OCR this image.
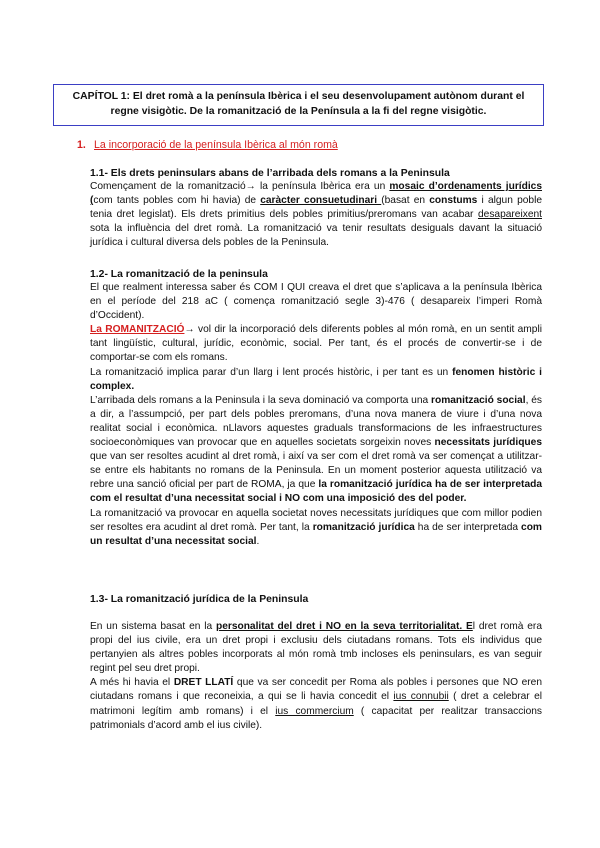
CAPÍTOL 1: El dret romà a la península Ibèrica i el seu desenvolupament autònom durant el
regne visigòtic. De la romanització de la Península a la fi del regne visigòtic.
1. La incorporació de la península Ibèrica al món romà
1.1- Els drets peninsulars abans de l’arribada dels romans a la Peninsula

Començament de la romanització→ la península Ibèrica era un mosaic d’ordenaments jurídics (com tants pobles com hi havia) de caràcter consuetudinari (basat en constums i algun poble tenia dret legislat). Els drets primitius dels pobles primitius/preromans van acabar desapareixent sota la influència del dret romà. La romanització va tenir resultats desiguals davant la situació jurídica i cultural diversa dels pobles de la Peninsula.

1.2- La romanització de la peninsula

El que realment interessa saber és COM I QUI creava el dret que s’aplicava a la península Ibèrica en el període del 218 aC ( comença romanització segle 3)-476 ( desapareix l’imperi Romà d’Occident).

La ROMANITZACIÓ→ vol dir la incorporació dels diferents pobles al món romà, en un sentit ampli tant lingüístic, cultural, jurídic, econòmic, social. Per tant, és el procés de convertir-se i de comportar-se com els romans.

La romanització implica parar d’un llarg i lent procés històric, i per tant es un fenomen històric i complex.

L’arribada dels romans a la Peninsula i la seva dominació va comporta una romanització social, és a dir, a l’assumpció, per part dels pobles preromans, d’una nova manera de viure i d’una nova realitat social i econòmica. nLlavors aquestes graduals transformacions de les infraestructures socioeconòmiques van provocar que en aquelles societats sorgeixin noves necessitats jurídiques que van ser resoltes acudint al dret romà, i així va ser com el dret romà va ser començat a utilitzar-se entre els habitants no romans de la Peninsula. En un moment posterior aquesta utilització va rebre una sanció oficial per part de ROMA, ja que la romanització jurídica ha de ser interpretada com el resultat d’una necessitat social i NO com una imposició des del poder.

La romanització va provocar en aquella societat noves necessitats jurídiques que com millor podien ser resoltes era acudint al dret romà. Per tant, la romanització jurídica ha de ser interpretada com un resultat d’una necessitat social.

1.3- La romanització jurídica de la Peninsula

En un sistema basat en la personalitat del dret i NO en la seva territorialitat. El dret romà era propi del ius civile, era un dret propi i exclusiu dels ciutadans romans. Tots els individus que pertanyien als altres pobles incorporats al món romà tmb incloses els peninsulars, es van seguir regint pel seu dret propi.

A més hi havia el DRET LLATÍ que va ser concedit per Roma als pobles i persones que NO eren ciutadans romans i que reconeixia, a qui se li havia concedit el ius connubii ( dret a celebrar el matrimoni legítim amb romans) i el ius commercium ( capacitat per realitzar transaccions patrimonials d’acord amb el ius civile).
